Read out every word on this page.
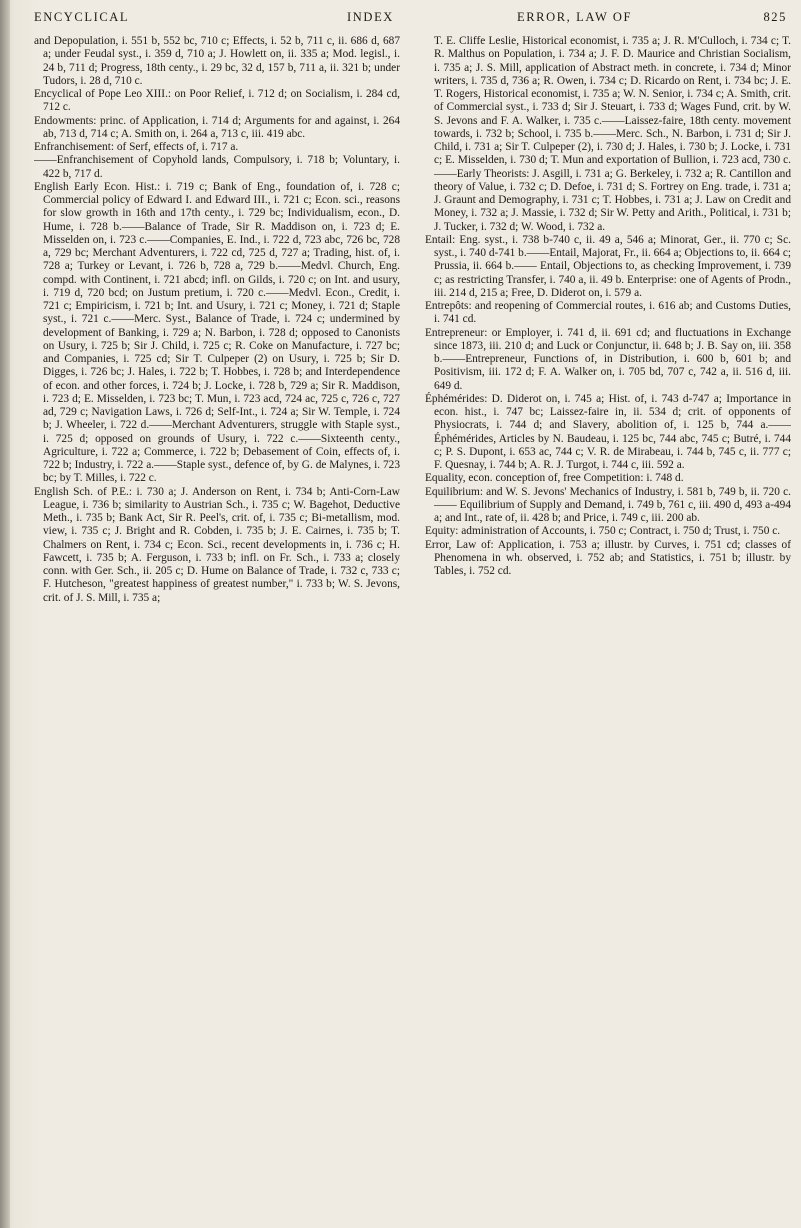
ENCYCLICAL	INDEX	ERROR, LAW OF	825

and Depopulation, i. 551 b, 552 bc, 710 c; Effects, i. 52 b, 711 c, ii. 686 d, 687 a; under Feudal syst., i. 359 d, 710 a; J. Howlett on, ii. 335 a; Mod. legisl., i. 24 b, 711 d; Progress, 18th centy., i. 29 bc, 32 d, 157 b, 711 a, ii. 321 b; under Tudors, i. 28 d, 710 c.

Encyclical of Pope Leo XIII.: on Poor Relief, i. 712 d; on Socialism, i. 284 cd, 712 c.

Endowments: princ. of Application, i. 714 d; Arguments for and against, i. 264 ab, 713 d, 714 c; A. Smith on, i. 264 a, 713 c, iii. 419 abc.

Enfranchisement: of Serf, effects of, i. 717 a.

——Enfranchisement of Copyhold lands, Compulsory, i. 718 b; Voluntary, i. 422 b, 717 d.

English Early Econ. Hist.: i. 719 c; Bank of Eng., foundation of, i. 728 c; Commercial policy of Edward I. and Edward III., i. 721 c; Econ. sci., reasons for slow growth in 16th and 17th centy., i. 729 bc; Individualism, econ., D. Hume, i. 728 b.——Balance of Trade, Sir R. Maddison on, i. 723 d; E. Misselden on, i. 723 c.——Companies, E. Ind., i. 722 d, 723 abc, 726 bc, 728 a, 729 bc; Merchant Adventurers, i. 722 cd, 725 d, 727 a; Trading, hist. of, i. 728 a; Turkey or Levant, i. 726 b, 728 a, 729 b.——Medvl. Church, Eng. compd. with Continent, i. 721 abcd; infl. on Gilds, i. 720 c; on Int. and usury, i. 719 d, 720 bcd; on Justum pretium, i. 720 c.——Medvl. Econ., Credit, i. 721 c; Empiricism, i. 721 b; Int. and Usury, i. 721 c; Money, i. 721 d; Staple syst., i. 721 c.——Merc. Syst., Balance of Trade, i. 724 c; undermined by development of Banking, i. 729 a; N. Barbon, i. 728 d; opposed to Canonists on Usury, i. 725 b; Sir J. Child, i. 725 c; R. Coke on Manufacture, i. 727 bc; and Companies, i. 725 cd; Sir T. Culpeper (2) on Usury, i. 725 b; Sir D. Digges, i. 726 bc; J. Hales, i. 722 b; T. Hobbes, i. 728 b; and Interdependence of econ. and other forces, i. 724 b; J. Locke, i. 728 b, 729 a; Sir R. Maddison, i. 723 d; E. Misselden, i. 723 bc; T. Mun, i. 723 acd, 724 ac, 725 c, 726 c, 727 ad, 729 c; Navigation Laws, i. 726 d; Self-Int., i. 724 a; Sir W. Temple, i. 724 b; J. Wheeler, i. 722 d.——Merchant Adventurers, struggle with Staple syst., i. 725 d; opposed on grounds of Usury, i. 722 c.——Sixteenth centy., Agriculture, i. 722 a; Commerce, i. 722 b; Debasement of Coin, effects of, i. 722 b; Industry, i. 722 a.——Staple syst., defence of, by G. de Malynes, i. 723 bc; by T. Milles, i. 722 c.

English Sch. of P.E.: i. 730 a; J. Anderson on Rent, i. 734 b; Anti-Corn-Law League, i. 736 b; similarity to Austrian Sch., i. 735 c; W. Bagehot, Deductive Meth., i. 735 b; Bank Act, Sir R. Peel's, crit. of, i. 735 c; Bi-metallism, mod. view, i. 735 c; J. Bright and R. Cobden, i. 735 b; J. E. Cairnes, i. 735 b; T. Chalmers on Rent, i. 734 c; Econ. Sci., recent developments in, i. 736 c; H. Fawcett, i. 735 b; A. Ferguson, i. 733 b; infl. on Fr. Sch., i. 733 a; closely conn. with Ger. Sch., ii. 205 c; D. Hume on Balance of Trade, i. 732 c, 733 c; F. Hutcheson, "greatest happiness of greatest number," i. 733 b; W. S. Jevons, crit. of J. S. Mill, i. 735 a;

T. E. Cliffe Leslie, Historical economist, i. 735 a; J. R. M'Culloch, i. 734 c; T. R. Malthus on Population, i. 734 a; J. F. D. Maurice and Christian Socialism, i. 735 a; J. S. Mill, application of Abstract meth. in concrete, i. 734 d; Minor writers, i. 735 d, 736 a; R. Owen, i. 734 c; D. Ricardo on Rent, i. 734 bc; J. E. T. Rogers, Historical economist, i. 735 a; W. N. Senior, i. 734 c; A. Smith, crit. of Commercial syst., i. 733 d; Sir J. Steuart, i. 733 d; Wages Fund, crit. by W. S. Jevons and F. A. Walker, i. 735 c.——Laissez-faire, 18th centy. movement towards, i. 732 b; School, i. 735 b.——Merc. Sch., N. Barbon, i. 731 d; Sir J. Child, i. 731 a; Sir T. Culpeper (2), i. 730 d; J. Hales, i. 730 b; J. Locke, i. 731 c; E. Misselden, i. 730 d; T. Mun and exportation of Bullion, i. 723 acd, 730 c.——Early Theorists: J. Asgill, i. 731 a; G. Berkeley, i. 732 a; R. Cantillon and theory of Value, i. 732 c; D. Defoe, i. 731 d; S. Fortrey on Eng. trade, i. 731 a; J. Graunt and Demography, i. 731 c; T. Hobbes, i. 731 a; J. Law on Credit and Money, i. 732 a; J. Massie, i. 732 d; Sir W. Petty and Arith., Political, i. 731 b; J. Tucker, i. 732 d; W. Wood, i. 732 a.

Entail: Eng. syst., i. 738 b-740 c, ii. 49 a, 546 a; Minorat, Ger., ii. 770 c; Sc. syst., i. 740 d-741 b.——Entail, Majorat, Fr., ii. 664 a; Objections to, ii. 664 c; Prussia, ii. 664 b.—— Entail, Objections to, as checking Improvement, i. 739 c; as restricting Transfer, i. 740 a, ii. 49 b. Enterprise: one of Agents of Prodn., iii. 214 d, 215 a; Free, D. Diderot on, i. 579 a.

Entrepôts: and reopening of Commercial routes, i. 616 ab; and Customs Duties, i. 741 cd.

Entrepreneur: or Employer, i. 741 d, ii. 691 cd; and fluctuations in Exchange since 1873, iii. 210 d; and Luck or Conjunctur, ii. 648 b; J. B. Say on, iii. 358 b.——Entrepreneur, Functions of, in Distribution, i. 600 b, 601 b; and Positivism, iii. 172 d; F. A. Walker on, i. 705 bd, 707 c, 742 a, ii. 516 d, iii. 649 d.

Éphémérides: D. Diderot on, i. 745 a; Hist. of, i. 743 d-747 a; Importance in econ. hist., i. 747 bc; Laissez-faire in, ii. 534 d; crit. of opponents of Physiocrats, i. 744 d; and Slavery, abolition of, i. 125 b, 744 a.—— Éphémérides, Articles by N. Baudeau, i. 125 bc, 744 abc, 745 c; Butré, i. 744 c; P. S. Dupont, i. 653 ac, 744 c; V. R. de Mirabeau, i. 744 b, 745 c, ii. 777 c; F. Quesnay, i. 744 b; A. R. J. Turgot, i. 744 c, iii. 592 a.

Equality, econ. conception of, free Competition: i. 748 d.

Equilibrium: and W. S. Jevons' Mechanics of Industry, i. 581 b, 749 b, ii. 720 c.—— Equilibrium of Supply and Demand, i. 749 b, 761 c, iii. 490 d, 493 a-494 a; and Int., rate of, ii. 428 b; and Price, i. 749 c, iii. 200 ab.

Equity: administration of Accounts, i. 750 c; Contract, i. 750 d; Trust, i. 750 c.

Error, Law of: Application, i. 753 a; illustr. by Curves, i. 751 cd; classes of Phenomena in wh. observed, i. 752 ab; and Statistics, i. 751 b; illustr. by Tables, i. 752 cd.
